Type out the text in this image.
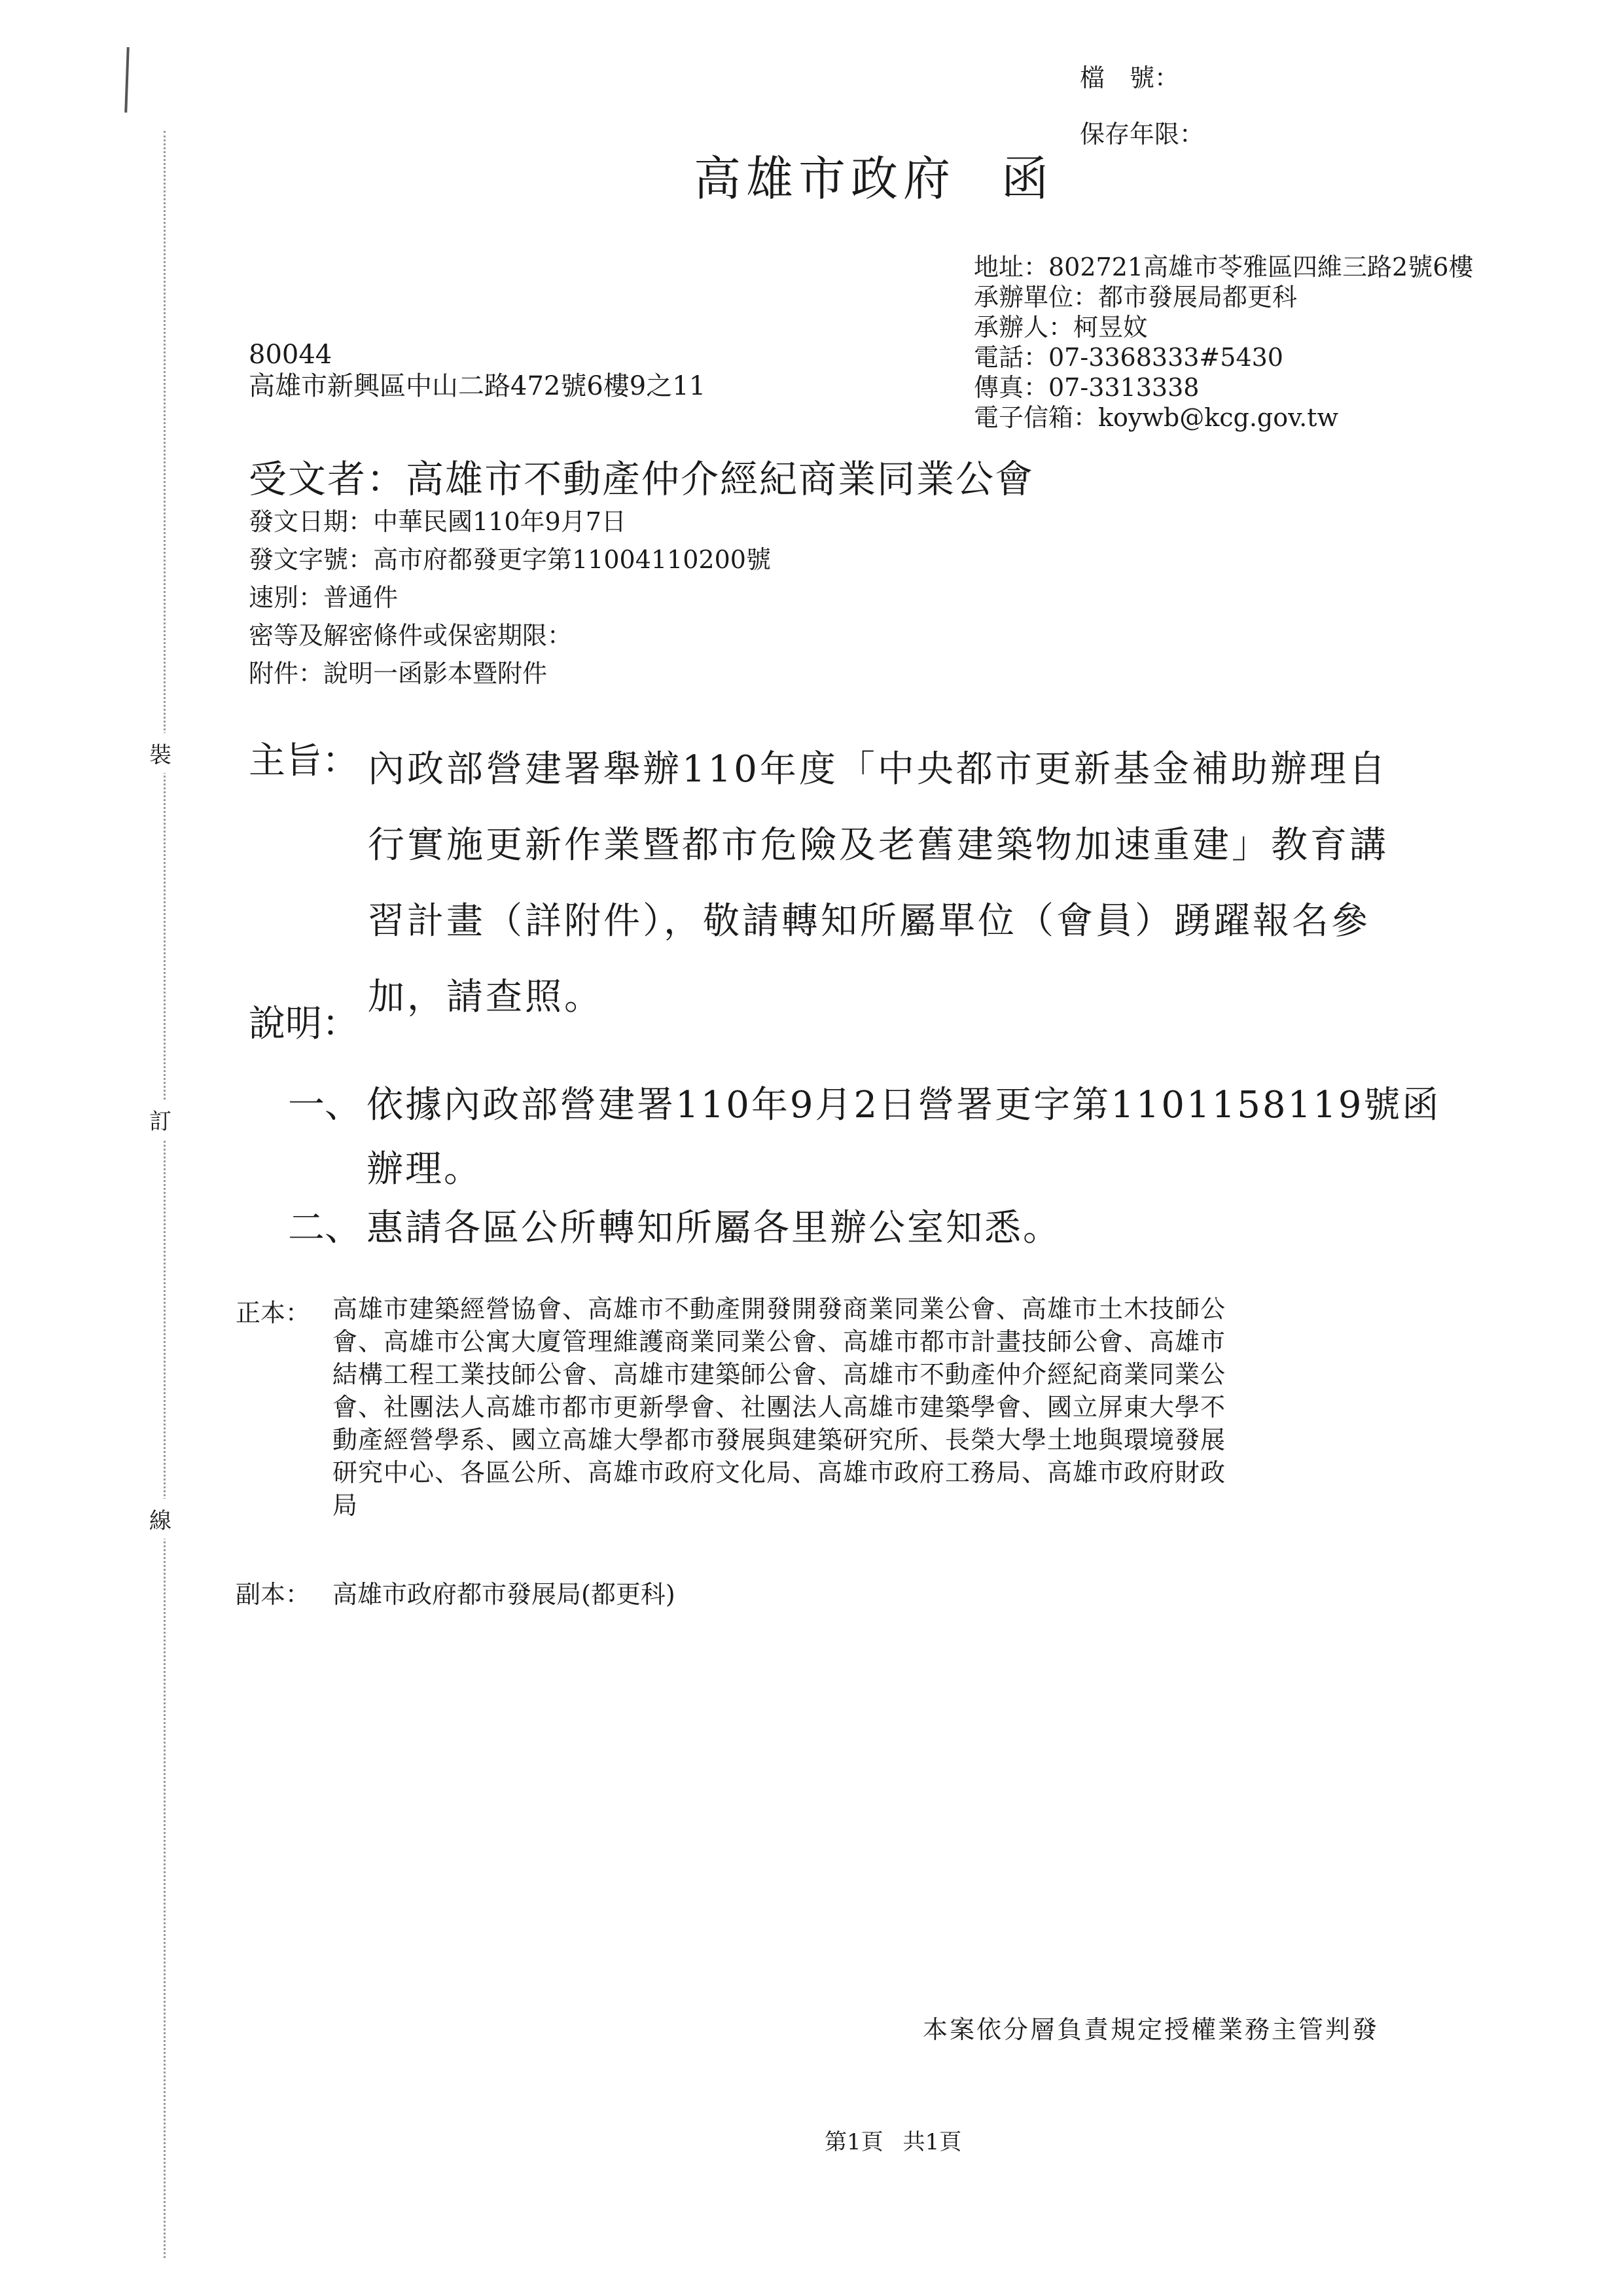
裝
訂
線
檔　號：
保存年限：
高雄市政府 函
地址：802721高雄市苓雅區四維三路2號6樓
承辦單位：都市發展局都更科
承辦人：柯昱妏
電話：07-3368333#5430
傳真：07-3313338
電子信箱：koywb@kcg.gov.tw
80044
高雄市新興區中山二路472號6樓9之11
受文者：高雄市不動產仲介經紀商業同業公會
發文日期：中華民國110年9月7日
發文字號：高市府都發更字第11004110200號
速別：普通件
密等及解密條件或保密期限：
附件：說明一函影本暨附件
主旨： 內政部營建署舉辦110年度「中央都市更新基金補助辦理自
行實施更新作業暨都市危險及老舊建築物加速重建」教育講
習計畫（詳附件），敬請轉知所屬單位（會員）踴躍報名參
加，請查照。
說明：
一、 依據內政部營建署110年9月2日營署更字第1101158119號函
辦理。
二、 惠請各區公所轉知所屬各里辦公室知悉。
正本： 高雄市建築經營協會、高雄市不動產開發開發商業同業公會、高雄市土木技師公
會、高雄市公寓大廈管理維護商業同業公會、高雄市都市計畫技師公會、高雄市
結構工程工業技師公會、高雄市建築師公會、高雄市不動產仲介經紀商業同業公
會、社團法人高雄市都市更新學會、社團法人高雄市建築學會、國立屏東大學不
動產經營學系、國立高雄大學都市發展與建築研究所、長榮大學土地與環境發展
研究中心、各區公所、高雄市政府文化局、高雄市政府工務局、高雄市政府財政
局
副本： 高雄市政府都市發展局(都更科)
本案依分層負責規定授權業務主管判發
第1頁 共1頁
